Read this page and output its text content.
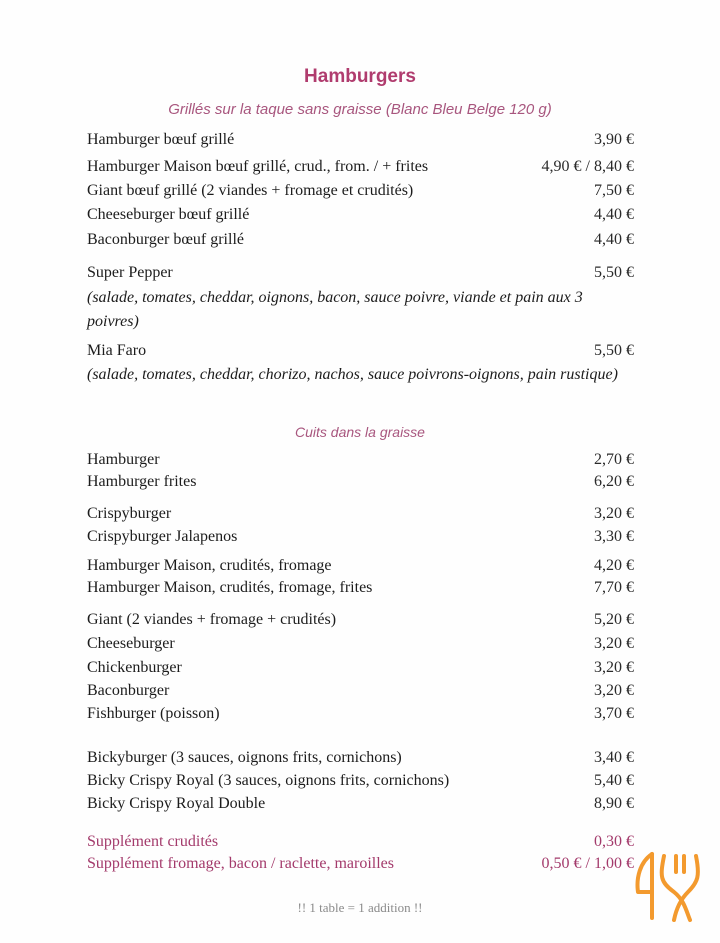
Hamburgers
Grillés sur la taque sans graisse (Blanc Bleu Belge 120 g)
Hamburger bœuf grillé	3,90 €
Hamburger Maison bœuf grillé, crud., from. / + frites	4,90 € / 8,40 €
Giant bœuf grillé (2 viandes + fromage et crudités)	7,50 €
Cheeseburger bœuf grillé	4,40 €
Baconburger bœuf grillé	4,40 €
Super Pepper	5,50 €
(salade, tomates, cheddar, oignons, bacon, sauce poivre, viande et pain aux 3 poivres)
Mia Faro	5,50 €
(salade, tomates, cheddar, chorizo, nachos, sauce poivrons-oignons, pain rustique)
Cuits dans la graisse
Hamburger	2,70 €
Hamburger frites	6,20 €
Crispyburger	3,20 €
Crispyburger Jalapenos	3,30 €
Hamburger Maison, crudités, fromage	4,20 €
Hamburger Maison, crudités, fromage, frites	7,70 €
Giant (2 viandes + fromage + crudités)	5,20 €
Cheeseburger	3,20 €
Chickenburger	3,20 €
Baconburger	3,20 €
Fishburger (poisson)	3,70 €
Bickyburger (3 sauces, oignons frits, cornichons)	3,40 €
Bicky Crispy Royal (3 sauces, oignons frits, cornichons)	5,40 €
Bicky Crispy Royal Double	8,90 €
Supplément crudités	0,30 €
Supplément fromage, bacon / raclette, maroilles	0,50 € / 1,00 €
!! 1 table = 1 addition !!
